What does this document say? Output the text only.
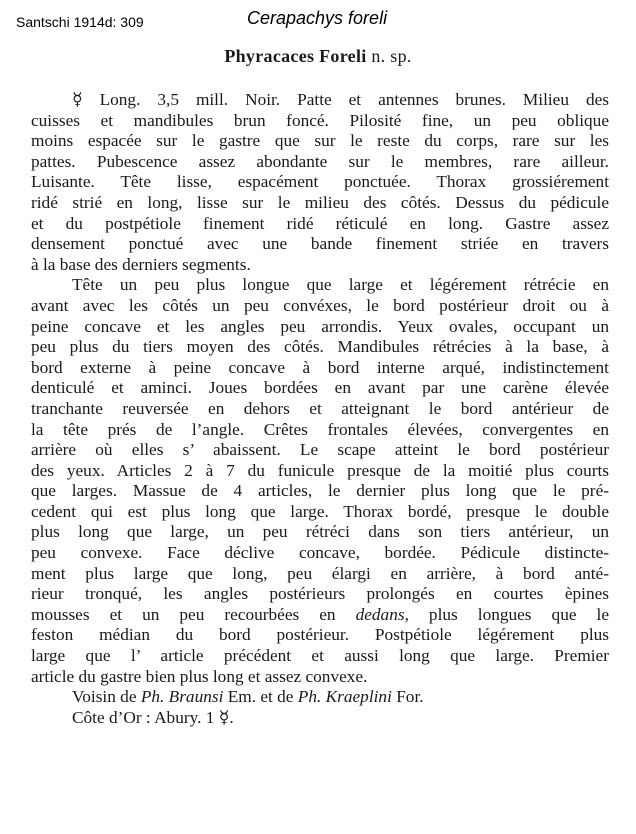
Santschi 1914d: 309	Cerapachys foreli
Phyracaces Foreli n. sp.
☿ Long. 3,5 mill. Noir. Patte et antennes brunes. Milieu des
cuisses et mandibules brun foncé. Pilosité fine, un peu oblique
moins espacée sur le gastre que sur le reste du corps, rare sur les
pattes. Pubescence assez abondante sur le membres, rare ailleur.
Luisante. Tête lisse, espacément ponctuée. Thorax grossiérement
ridé strié en long, lisse sur le milieu des côtés. Dessus du pédicule
et du postpétiole finement ridé réticulé en long. Gastre assez
densement ponctué avec une bande finement striée en travers
à la base des derniers segments.
Tête un peu plus longue que large et légérement rétrécie en
avant avec les côtés un peu convéxes, le bord postérieur droit ou à
peine concave et les angles peu arrondis. Yeux ovales, occupant un
peu plus du tiers moyen des côtés. Mandibules rétrécies à la base, à
bord externe à peine concave à bord interne arqué, indistinctement
denticulé et aminci. Joues bordées en avant par une carène élevée
tranchante reuversée en dehors et atteignant le bord antérieur de
la tête prés de l’angle. Crêtes frontales élevées, convergentes en
arrière où elles s’ abaissent. Le scape atteint le bord postérieur
des yeux. Articles 2 à 7 du funicule presque de la moitié plus courts
que larges. Massue de 4 articles, le dernier plus long que le pré-
cedent qui est plus long que large. Thorax bordé, presque le double
plus long que large, un peu rétréci dans son tiers antérieur, un
peu convexe. Face déclive concave, bordée. Pédicule distincte-
ment plus large que long, peu élargi en arrière, à bord anté-
rieur tronqué, les angles postérieurs prolongés en courtes èpines
mousses et un peu recourbées en dedans, plus longues que le
feston médian du bord postérieur. Postpétiole légérement plus
large que l’ article précédent et aussi long que large. Premier
article du gastre bien plus long et assez convexe.
Voisin de Ph. Braunsi Em. et de Ph. Kraeplini For.
Côte d’Or : Abury. 1 ☿.
